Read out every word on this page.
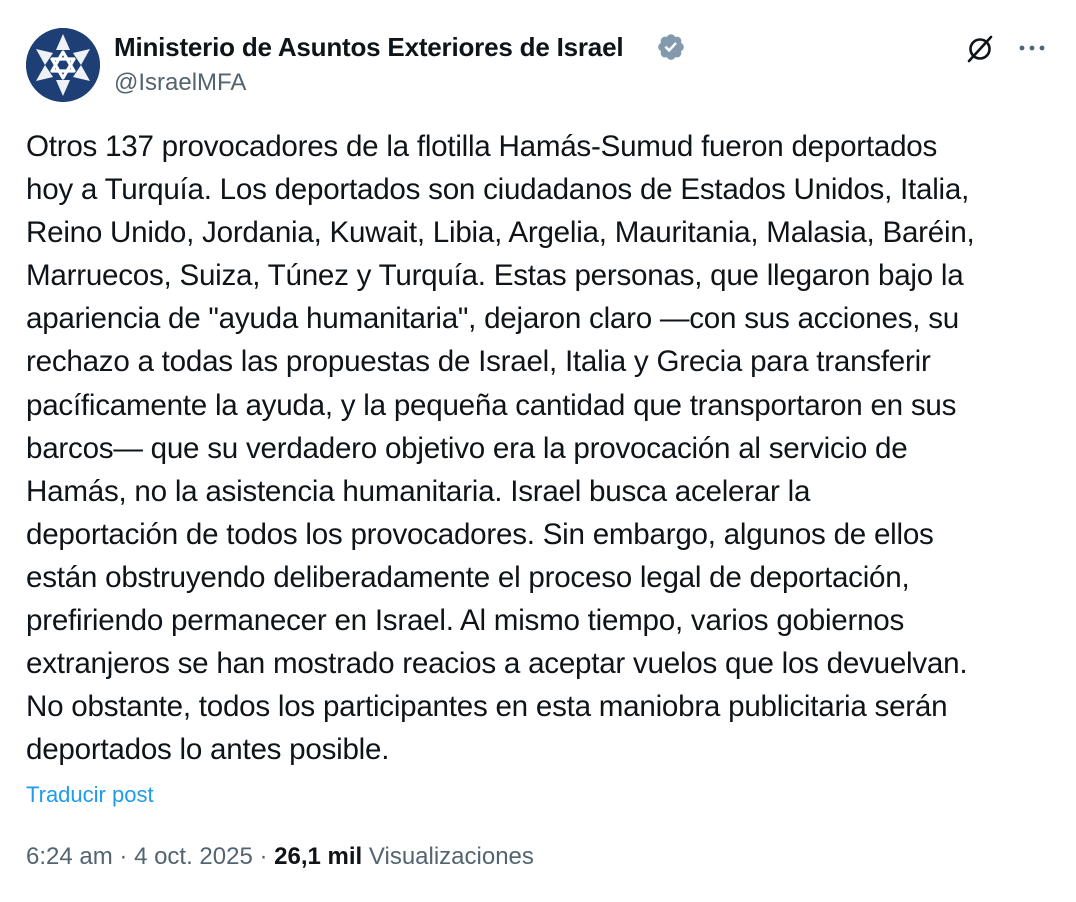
Ministerio de Asuntos Exteriores de Israel
@IsraelMFA
Otros 137 provocadores de la flotilla Hamás-Sumud fueron deportados
hoy a Turquía. Los deportados son ciudadanos de Estados Unidos, Italia,
Reino Unido, Jordania, Kuwait, Libia, Argelia, Mauritania, Malasia, Baréin,
Marruecos, Suiza, Túnez y Turquía. Estas personas, que llegaron bajo la
apariencia de "ayuda humanitaria", dejaron claro —con sus acciones, su
rechazo a todas las propuestas de Israel, Italia y Grecia para transferir
pacíficamente la ayuda, y la pequeña cantidad que transportaron en sus
barcos— que su verdadero objetivo era la provocación al servicio de
Hamás, no la asistencia humanitaria. Israel busca acelerar la
deportación de todos los provocadores. Sin embargo, algunos de ellos
están obstruyendo deliberadamente el proceso legal de deportación,
prefiriendo permanecer en Israel. Al mismo tiempo, varios gobiernos
extranjeros se han mostrado reacios a aceptar vuelos que los devuelvan.
No obstante, todos los participantes en esta maniobra publicitaria serán
deportados lo antes posible.
Traducir post
6:24 am · 4 oct. 2025 · 26,1 mil Visualizaciones
